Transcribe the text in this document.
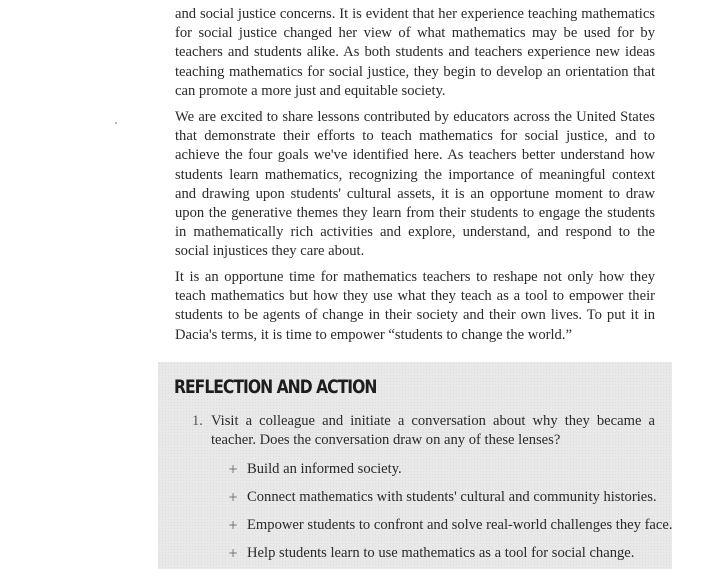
and social justice concerns. It is evident that her experience teaching mathematics for social justice changed her view of what mathematics may be used for by teachers and students alike. As both students and teachers experience new ideas teaching mathematics for social justice, they begin to develop an orientation that can promote a more just and equitable society.

We are excited to share lessons contributed by educators across the United States that demonstrate their efforts to teach mathematics for social justice, and to achieve the four goals we've identified here. As teachers better understand how students learn mathematics, recognizing the importance of meaningful context and drawing upon students' cultural assets, it is an opportune moment to draw upon the generative themes they learn from their students to engage the students in mathematically rich activities and explore, understand, and respond to the social injustices they care about.

It is an opportune time for mathematics teachers to reshape not only how they teach mathematics but how they use what they teach as a tool to empower their students to be agents of change in their society and their own lives. To put it in Dacia's terms, it is time to empower “students to change the world.”

REFLECTION AND ACTION
1. Visit a colleague and initiate a conversation about why they became a teacher. Does the conversation draw on any of these lenses?

+ Build an informed society.
+ Connect mathematics with students' cultural and community histories.
+ Empower students to confront and solve real-world challenges they face.
+ Help students learn to use mathematics as a tool for social change.
